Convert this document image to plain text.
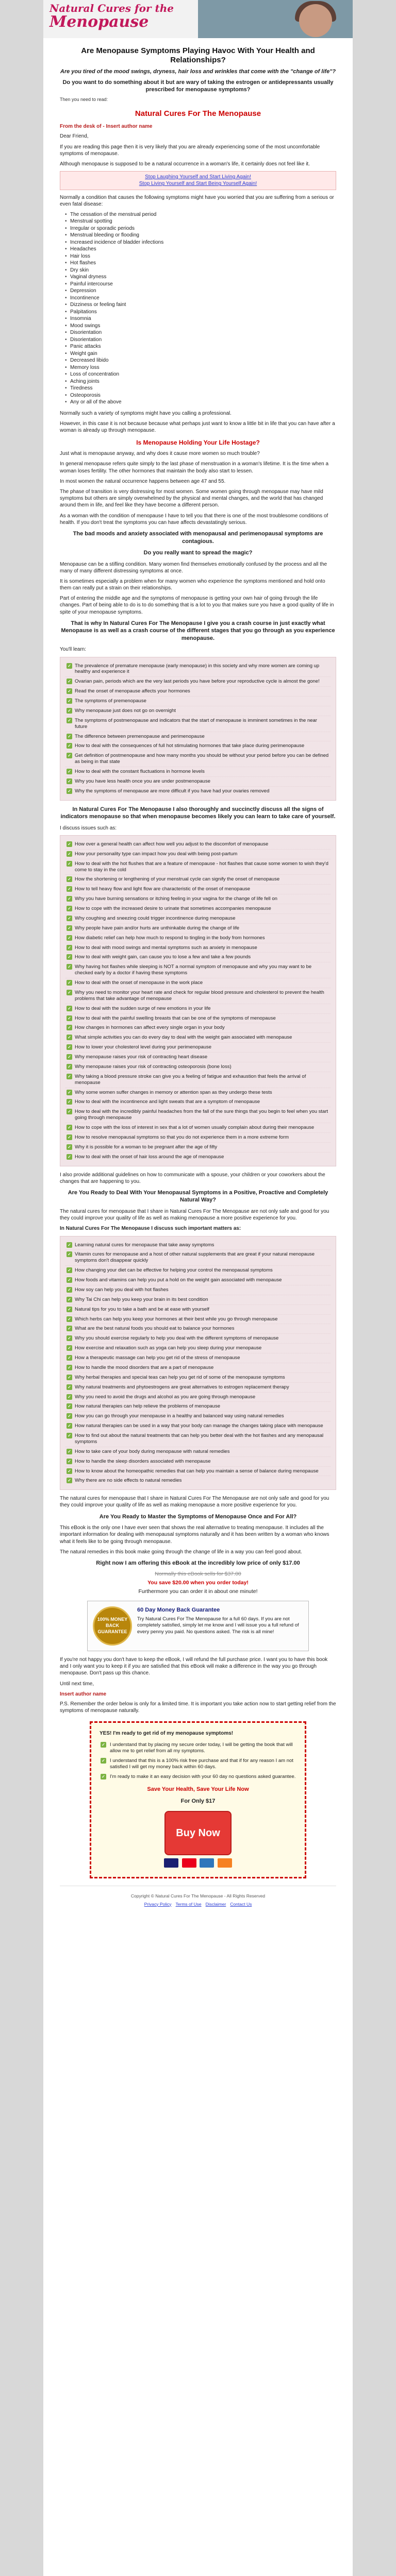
Natural Cures for the
Menopause
Are Menopause Symptoms Playing Havoc With Your Health and Relationships?
Are you tired of the mood swings, dryness, hair loss and wrinkles that come with the "change of life"?
Do you want to do something about it but are wary of taking the estrogen or antidepressants usually prescribed for menopause symptoms?

Then you need to read:

Natural Cures For The Menopause
From the desk of - Insert author name

Dear Friend,

If you are reading this page then it is very likely that you are already experiencing some of the most uncomfortable symptoms of menopause.

Although menopause is supposed to be a natural occurrence in a woman's life, it certainly does not feel like it.

Stop Laughing Yourself and Start Living Again!
Stop Living Yourself and Start Being Yourself Again!

Normally a condition that causes the following symptoms might have you worried that you are suffering from a serious or even fatal disease:

• The cessation of the menstrual period
• Menstrual spotting
• Irregular or sporadic periods
• Menstrual bleeding or flooding
• Increased incidence of bladder infections
• Headaches
• Hair loss
• Hot flashes
• Dry skin
• Vaginal dryness
• Painful intercourse
• Depression
• Incontinence
• Dizziness or feeling faint
• Palpitations
• Insomnia
• Mood swings
• Disorientation
• Disorientation
• Panic attacks
• Weight gain
• Decreased libido
• Memory loss
• Loss of concentration
• Aching joints
• Tiredness
• Osteoporosis
• Any or all of the above

Normally such a variety of symptoms might have you calling a professional.

However, in this case it is not because because what perhaps just want to know a little bit in life that you can have after a woman is already up through menopause.

Is Menopause Holding Your Life Hostage?

Just what is menopause anyway, and why does it cause more women so much trouble?

In general menopause refers quite simply to the last phase of menstruation in a woman's lifetime. It is the time when a woman loses fertility. The other hormones that maintain the body also start to lessen.

In most women the natural occurrence happens between age 47 and 55.

The phase of transition is very distressing for most women. Some women going through menopause may have mild symptoms but others are simply overwhelmed by the physical and mental changes, and the world that has changed around them in life, and feel like they have become a different person.

As a woman with the condition of menopause I have to tell you that there is one of the most troublesome conditions of health. If you don't treat the symptoms you can have affects devastatingly serious.

The bad moods and anxiety associated with menopausal and perimenopausal symptoms are contagious.
Do you really want to spread the magic?

Menopause can be a stifling condition. Many women find themselves emotionally confused by the process and all the many of many different distressing symptoms at once.

It is sometimes especially a problem when for many women who experience the symptoms mentioned and hold onto them can really put a strain on their relationships.

Part of entering the middle age and the symptoms of menopause is getting your own hair of going through the life changes. Part of being able to do is to do something that is a lot to you that makes sure you have a good quality of life in spite of your menopause symptoms.

That is why In Natural Cures For The Menopause I give you a crash course in just exactly what Menopause is as well as a crash course of the different stages that you go through as you experience menopause.

You'll learn:

✓ The prevalence of premature menopause (early menopause) in this society and why more women are coming up healthy and experience it
✓ Ovarian pain, periods which are the very last periods you have before your reproductive cycle is almost the gone!
✓ Read the onset of menopause affects your hormones
✓ The symptoms of premenopause
✓ Why menopause just does not go on overnight
✓ The symptoms of postmenopause and indicators that the start of menopause is imminent sometimes in the near future
✓ The difference between premenopause and perimenopause
✓ How to deal with the consequences of full hot stimulating hormones that take place during perimenopause
✓ Get definition of postmenopause and how many months you should be without your period before you can be defined as being in that state
✓ How to deal with the constant fluctuations in hormone levels
✓ Why you have less health once you are under postmenopause
✓ Why the symptoms of menopause are more difficult if you have had your ovaries removed
In Natural Cures For The Menopause I also thoroughly and succinctly discuss all the signs of indicators menopause so that when menopause becomes likely you can learn to take care of yourself.

I discuss issues such as:

✓ How over a general health can affect how well you adjust to the discomfort of menopause
✓ How your personality type can impact how you deal with being post-partum
✓ How to deal with the hot flushes that are a feature of menopause - hot flashes that cause some women to wish they'd come to stay in the cold
✓ How the shortening or lengthening of your menstrual cycle can signify the onset of menopause
✓ How to tell heavy flow and light flow are characteristic of the onset of menopause
✓ Why you have burning sensations or itching feeling in your vagina for the change of life fell on
✓ How to cope with the increased desire to urinate that sometimes accompanies menopause
✓ Why coughing and sneezing could trigger incontinence during menopause
✓ Why people have pain and/or hurts are unthinkable during the change of life
✓ How diabetic relief can help how much to respond to tingling in the body from hormones
✓ How to deal with mood swings and mental symptoms such as anxiety in menopause
✓ How to deal with weight gain, can cause you to lose a few and take a few pounds
✓ Why having hot flashes while sleeping is NOT a normal symptom of menopause and why you may want to be checked early by a doctor if having these symptoms
✓ How to deal with the onset of menopause in the work place
✓ Why you need to monitor your heart rate and check for regular blood pressure and cholesterol to prevent the health problems that take advantage of menopause
✓ How to deal with the sudden surge of new emotions in your life
✓ How to deal with the painful swelling breasts that can be one of the symptoms of menopause
✓ How changes in hormones can affect every single organ in your body
✓ What simple activities you can do every day to deal with the weight gain associated with menopause
✓ How to lower your cholesterol level during your perimenopause
✓ Why menopause raises your risk of contracting heart disease
✓ Why menopause raises your risk of contracting osteoporosis (bone loss)
✓ Why taking a blood pressure stroke can give you a feeling of fatigue and exhaustion that feels the arrival of menopause
✓ Why some women suffer changes in memory or attention span as they undergo these tests
✓ How to deal with the incontinence and light sweats that are a symptom of menopause
✓ How to deal with the incredibly painful headaches from the fall of the sure things that you begin to feel when you start going through menopause
✓ How to cope with the loss of interest in sex that a lot of women usually complain about during their menopause
✓ How to resolve menopausal symptoms so that you do not experience them in a more extreme form
✓ Why it is possible for a woman to be pregnant after the age of fifty
✓ How to deal with the onset of hair loss around the age of menopause

I also provide additional guidelines on how to communicate with a spouse, your children or your coworkers about the changes that are happening to you.

Are You Ready to Deal With Your Menopausal Symptoms in a Positive, Proactive and Completely Natural Way?

The natural cures for menopause that I share in Natural Cures For The Menopause are not only safe and good for you they could improve your quality of life as well as making menopause a more positive experience for you.

In Natural Cures For The Menopause I discuss such important matters as:

✓ Learning natural cures for menopause that take away symptoms
✓ Vitamin cures for menopause and a host of other natural supplements that are great if your natural menopause symptoms don't disappear quickly
✓ How changing your diet can be effective for helping your control the menopausal symptoms
✓ How foods and vitamins can help you put a hold on the weight gain associated with menopause
✓ How soy can help you deal with hot flashes
✓ Why Tai Chi can help you keep your brain in its best condition
✓ Natural tips for you to take a bath and be at ease with yourself
✓ Which herbs can help you keep your hormones at their best while you go through menopause
✓ What are the best natural foods you should eat to balance your hormones
✓ Why you should exercise regularly to help you deal with the different symptoms of menopause
✓ How exercise and relaxation such as yoga can help you sleep during your menopause
✓ How a therapeutic massage can help you get rid of the stress of menopause
✓ How to handle the mood disorders that are a part of menopause
✓ Why herbal therapies and special teas can help you get rid of some of the menopause symptoms
✓ Why natural treatments and phytoestrogens are great alternatives to estrogen replacement therapy
✓ Why you need to avoid the drugs and alcohol as you are going through menopause
✓ How natural therapies can help relieve the problems of menopause
✓ How you can go through your menopause in a healthy and balanced way using natural remedies
✓ How natural therapies can be used in a way that your body can manage the changes taking place with menopause
✓ How to find out about the natural treatments that can help you better deal with the hot flashes and any menopausal symptoms
✓ How to take care of your body during menopause with natural remedies
✓ How to handle the sleep disorders associated with menopause
✓ How to know about the homeopathic remedies that can help you maintain a sense of balance during menopause
✓ Why there are no side effects to natural remedies

The natural cures for menopause that I share in Natural Cures For The Menopause are not only safe and good for you they could improve your quality of life as well as making menopause a more positive experience for you.

Are You Ready to Master the Symptoms of Menopause Once and For All?

This eBook is the only one I have ever seen that shows the real alternative to treating menopause. It includes all the important information for dealing with menopausal symptoms naturally and it has been written by a woman who knows what it feels like to be going through menopause.

The natural remedies in this book make going through the change of life in a way you can feel good about.

Right now I am offering this eBook at the incredibly low price of only $17.00
Normally this eBook sells for $37.00
You save $20.00 when you order today!
Furthermore you can order it in about one minute!
100% MONEY BACK GUARANTEE
60 Day Money Back Guarantee
Try Natural Cures For The Menopause for a full 60 days. If you are not completely satisfied, simply let me know and I will issue you a full refund of every penny you paid. No questions asked. The risk is all mine!

If you're not happy you don't have to keep the eBook, I will refund the full purchase price. I want you to have this book and I only want you to keep it if you are satisfied that this eBook will make a difference in the way you go through menopause. Don't pass up this chance.

Until next time,

Insert author name

P.S. Remember the order below is only for a limited time. It is important you take action now to start getting relief from the symptoms of menopause naturally.

YES! I'm ready to get rid of my menopause symptoms!
✓ I understand that by placing my secure order today, I will be getting the book that will allow me to get relief from all my symptoms.
✓ I understand that this is a 100% risk free purchase and that if for any reason I am not satisfied I will get my money back within 60 days.
✓ I'm ready to make it an easy decision with your 60 day no questions asked guarantee.
Save Your Health, Save Your Life Now
For Only $17
Buy Now

Copyright © Natural Cures For The Menopause - All Rights Reserved
Privacy Policy Terms of Use Disclaimer Contact Us
